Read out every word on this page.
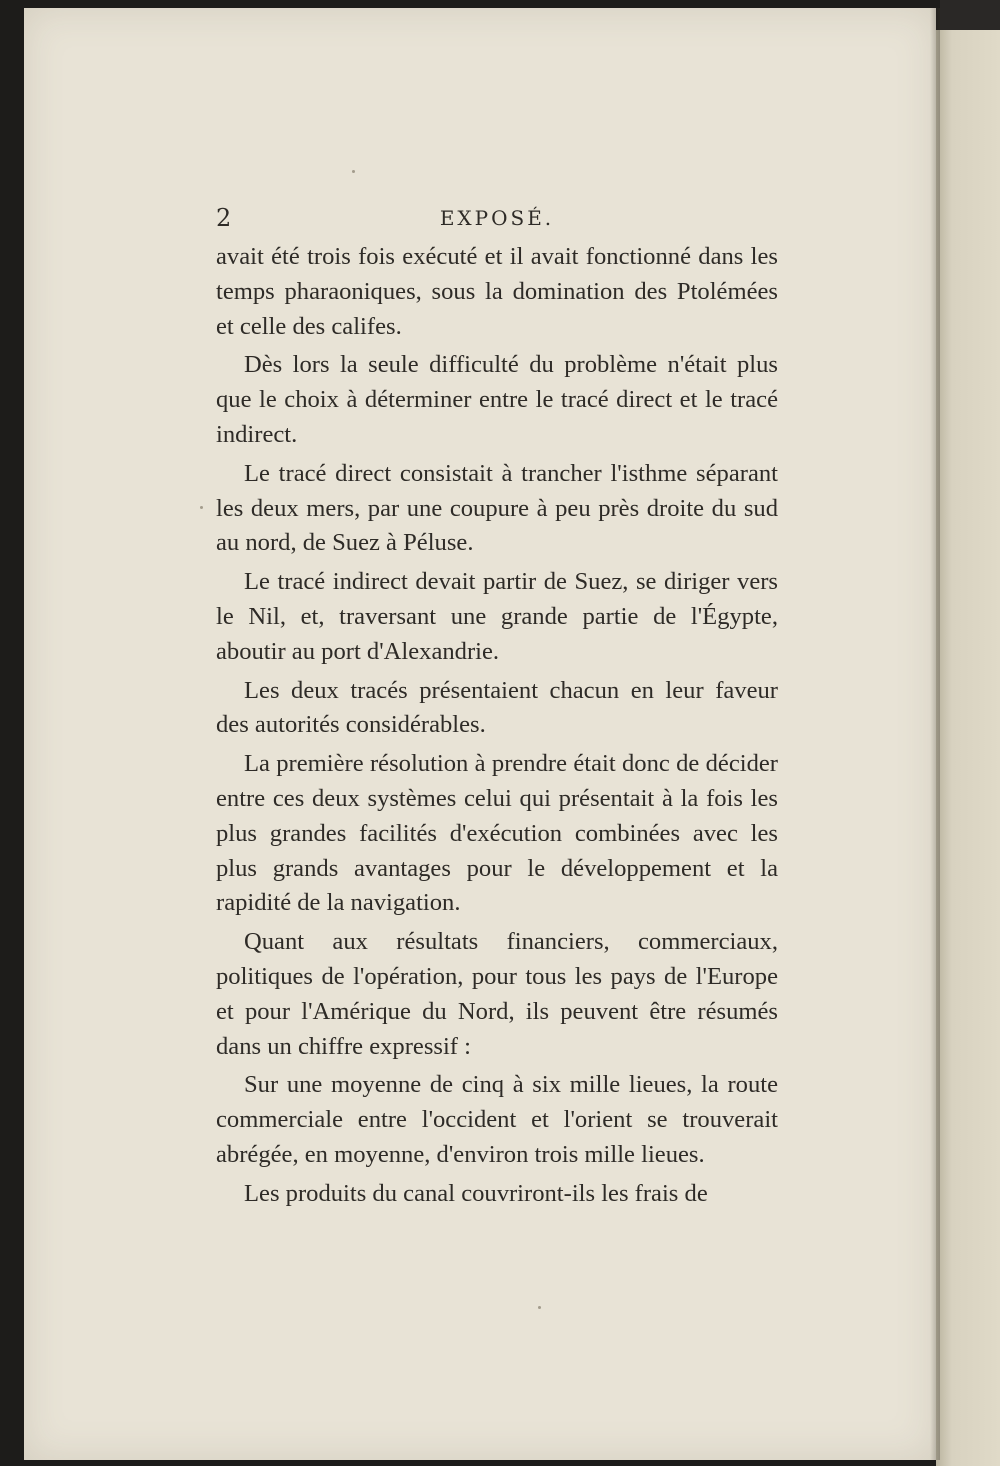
2	EXPOSÉ.

avait été trois fois exécuté et il avait fonctionné dans les temps pharaoniques, sous la domination des Ptolémées et celle des califes.

Dès lors la seule difficulté du problème n'était plus que le choix à déterminer entre le tracé direct et le tracé indirect.

Le tracé direct consistait à trancher l'isthme séparant les deux mers, par une coupure à peu près droite du sud au nord, de Suez à Péluse.

Le tracé indirect devait partir de Suez, se diriger vers le Nil, et, traversant une grande partie de l'Égypte, aboutir au port d'Alexandrie.

Les deux tracés présentaient chacun en leur faveur des autorités considérables.

La première résolution à prendre était donc de décider entre ces deux systèmes celui qui présentait à la fois les plus grandes facilités d'exécution combinées avec les plus grands avantages pour le développement et la rapidité de la navigation.

Quant aux résultats financiers, commerciaux, politiques de l'opération, pour tous les pays de l'Europe et pour l'Amérique du Nord, ils peuvent être résumés dans un chiffre expressif :

Sur une moyenne de cinq à six mille lieues, la route commerciale entre l'occident et l'orient se trouverait abrégée, en moyenne, d'environ trois mille lieues.

Les produits du canal couvriront-ils les frais de
